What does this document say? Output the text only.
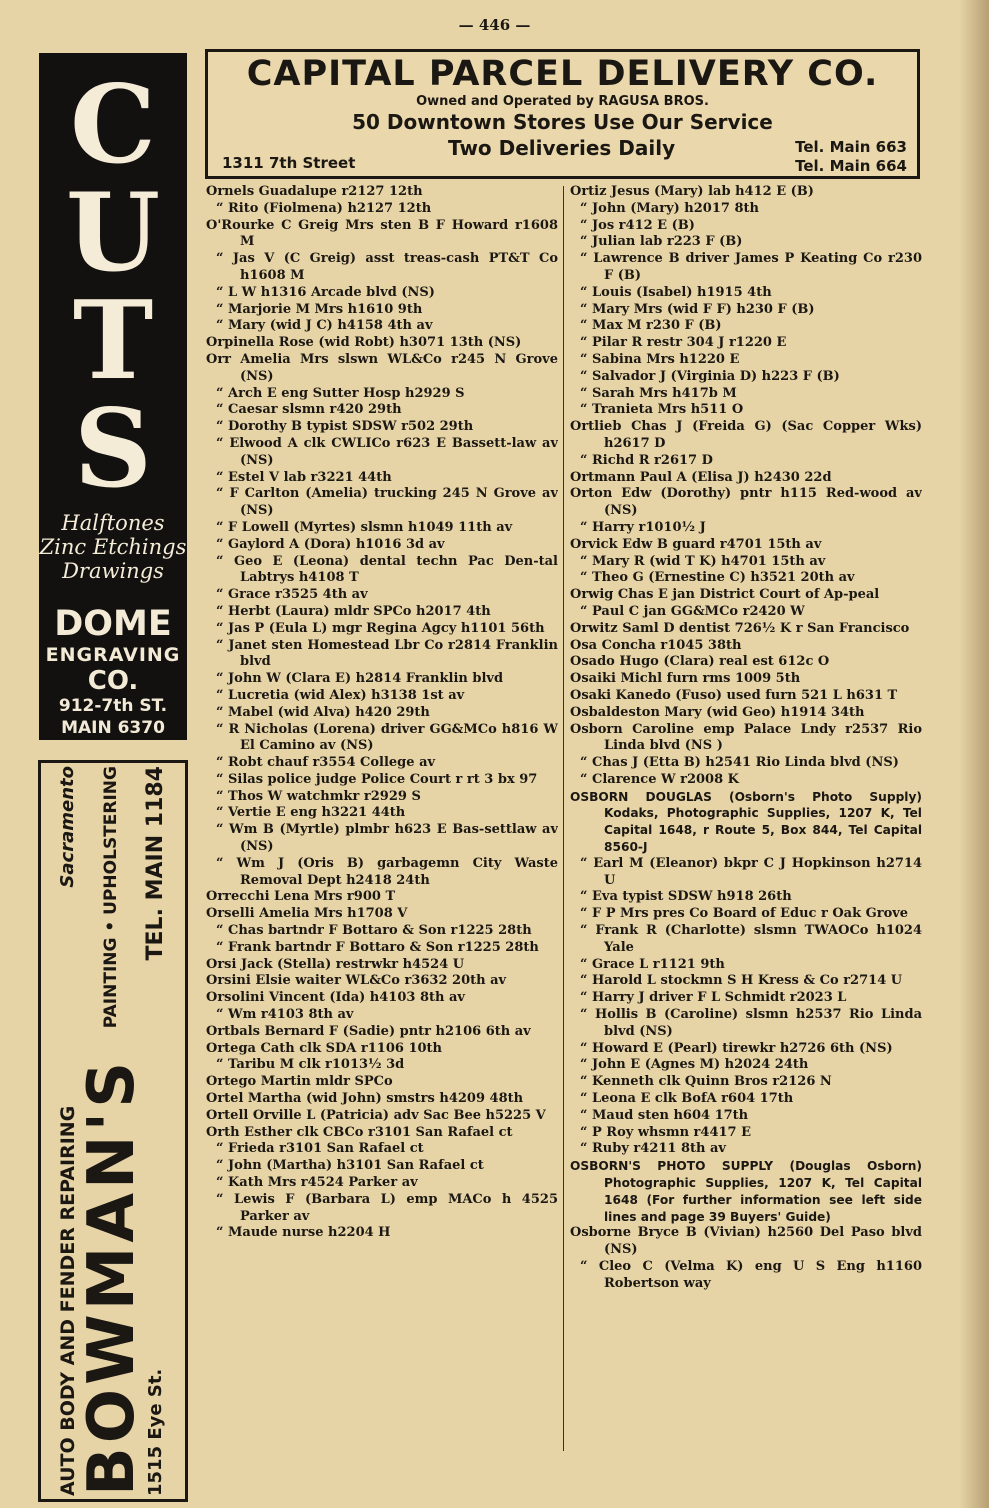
— 446 —
C
U
T
S
Halftones
Zinc Etchings
Drawings
DOME
ENGRAVING
CO.
912-7th ST.
MAIN 6370
AUTO BODY AND FENDER REPAIRING
Sacramento
BOWMAN'S
PAINTING • UPHOLSTERING
1515 Eye St.
TEL. MAIN 1184
CAPITAL PARCEL DELIVERY CO.
Owned and Operated by RAGUSA BROS.
50 Downtown Stores Use Our Service
Two Deliveries Daily
1311 7th Street
Tel. Main 663
Tel. Main 664
Ornels Guadalupe r2127 12th
“ Rito (Fiolmena) h2127 12th
O'Rourke C Greig Mrs sten B F Howard r1608 M
“ Jas V (C Greig) asst treas-cash PT&T Co h1608 M
“ L W h1316 Arcade blvd (NS)
“ Marjorie M Mrs h1610 9th
“ Mary (wid J C) h4158 4th av
Orpinella Rose (wid Robt) h3071 13th (NS)
Orr Amelia Mrs slswn WL&Co r245 N Grove (NS)
“ Arch E eng Sutter Hosp h2929 S
“ Caesar slsmn r420 29th
“ Dorothy B typist SDSW r502 29th
“ Elwood A clk CWLICo r623 E Bassett-law av (NS)
“ Estel V lab r3221 44th
“ F Carlton (Amelia) trucking 245 N Grove av (NS)
“ F Lowell (Myrtes) slsmn h1049 11th av
“ Gaylord A (Dora) h1016 3d av
“ Geo E (Leona) dental techn Pac Den-tal Labtrys h4108 T
“ Grace r3525 4th av
“ Herbt (Laura) mldr SPCo h2017 4th
“ Jas P (Eula L) mgr Regina Agcy h1101 56th
“ Janet sten Homestead Lbr Co r2814 Franklin blvd
“ John W (Clara E) h2814 Franklin blvd
“ Lucretia (wid Alex) h3138 1st av
“ Mabel (wid Alva) h420 29th
“ R Nicholas (Lorena) driver GG&MCo h816 W El Camino av (NS)
“ Robt chauf r3554 College av
“ Silas police judge Police Court r rt 3 bx 97
“ Thos W watchmkr r2929 S
“ Vertie E eng h3221 44th
“ Wm B (Myrtle) plmbr h623 E Bas-settlaw av (NS)
“ Wm J (Oris B) garbagemn City Waste Removal Dept h2418 24th
Orrecchi Lena Mrs r900 T
Orselli Amelia Mrs h1708 V
“ Chas bartndr F Bottaro & Son r1225 28th
“ Frank bartndr F Bottaro & Son r1225 28th
Orsi Jack (Stella) restrwkr h4524 U
Orsini Elsie waiter WL&Co r3632 20th av
Orsolini Vincent (Ida) h4103 8th av
“ Wm r4103 8th av
Ortbals Bernard F (Sadie) pntr h2106 6th av
Ortega Cath clk SDA r1106 10th
“ Taribu M clk r1013½ 3d
Ortego Martin mldr SPCo
Ortel Martha (wid John) smstrs h4209 48th
Ortell Orville L (Patricia) adv Sac Bee h5225 V
Orth Esther clk CBCo r3101 San Rafael ct
“ Frieda r3101 San Rafael ct
“ John (Martha) h3101 San Rafael ct
“ Kath Mrs r4524 Parker av
“ Lewis F (Barbara L) emp MACo h 4525 Parker av
“ Maude nurse h2204 H
Ortiz Jesus (Mary) lab h412 E (B)
“ John (Mary) h2017 8th
“ Jos r412 E (B)
“ Julian lab r223 F (B)
“ Lawrence B driver James P Keating Co r230 F (B)
“ Louis (Isabel) h1915 4th
“ Mary Mrs (wid F F) h230 F (B)
“ Max M r230 F (B)
“ Pilar R restr 304 J r1220 E
“ Sabina Mrs h1220 E
“ Salvador J (Virginia D) h223 F (B)
“ Sarah Mrs h417b M
“ Tranieta Mrs h511 O
Ortlieb Chas J (Freida G) (Sac Copper Wks) h2617 D
“ Richd R r2617 D
Ortmann Paul A (Elisa J) h2430 22d
Orton Edw (Dorothy) pntr h115 Red-wood av (NS)
“ Harry r1010½ J
Orvick Edw B guard r4701 15th av
“ Mary R (wid T K) h4701 15th av
“ Theo G (Ernestine C) h3521 20th av
Orwig Chas E jan District Court of Ap-peal
“ Paul C jan GG&MCo r2420 W
Orwitz Saml D dentist 726½ K r San Francisco
Osa Concha r1045 38th
Osado Hugo (Clara) real est 612c O
Osaiki Michl furn rms 1009 5th
Osaki Kanedo (Fuso) used furn 521 L h631 T
Osbaldeston Mary (wid Geo) h1914 34th
Osborn Caroline emp Palace Lndy r2537 Rio Linda blvd (NS )
“ Chas J (Etta B) h2541 Rio Linda blvd (NS)
“ Clarence W r2008 K
OSBORN DOUGLAS (Osborn's Photo Supply) Kodaks, Photographic Supplies, 1207 K, Tel Capital 1648, r Route 5, Box 844, Tel Capital 8560-J
“ Earl M (Eleanor) bkpr C J Hopkinson h2714 U
“ Eva typist SDSW h918 26th
“ F P Mrs pres Co Board of Educ r Oak Grove
“ Frank R (Charlotte) slsmn TWAOCo h1024 Yale
“ Grace L r1121 9th
“ Harold L stockmn S H Kress & Co r2714 U
“ Harry J driver F L Schmidt r2023 L
“ Hollis B (Caroline) slsmn h2537 Rio Linda blvd (NS)
“ Howard E (Pearl) tirewkr h2726 6th (NS)
“ John E (Agnes M) h2024 24th
“ Kenneth clk Quinn Bros r2126 N
“ Leona E clk BofA r604 17th
“ Maud sten h604 17th
“ P Roy whsmn r4417 E
“ Ruby r4211 8th av
OSBORN'S PHOTO SUPPLY (Douglas Osborn) Photographic Supplies, 1207 K, Tel Capital 1648 (For further information see left side lines and page 39 Buyers' Guide)
Osborne Bryce B (Vivian) h2560 Del Paso blvd (NS)
“ Cleo C (Velma K) eng U S Eng h1160 Robertson way
